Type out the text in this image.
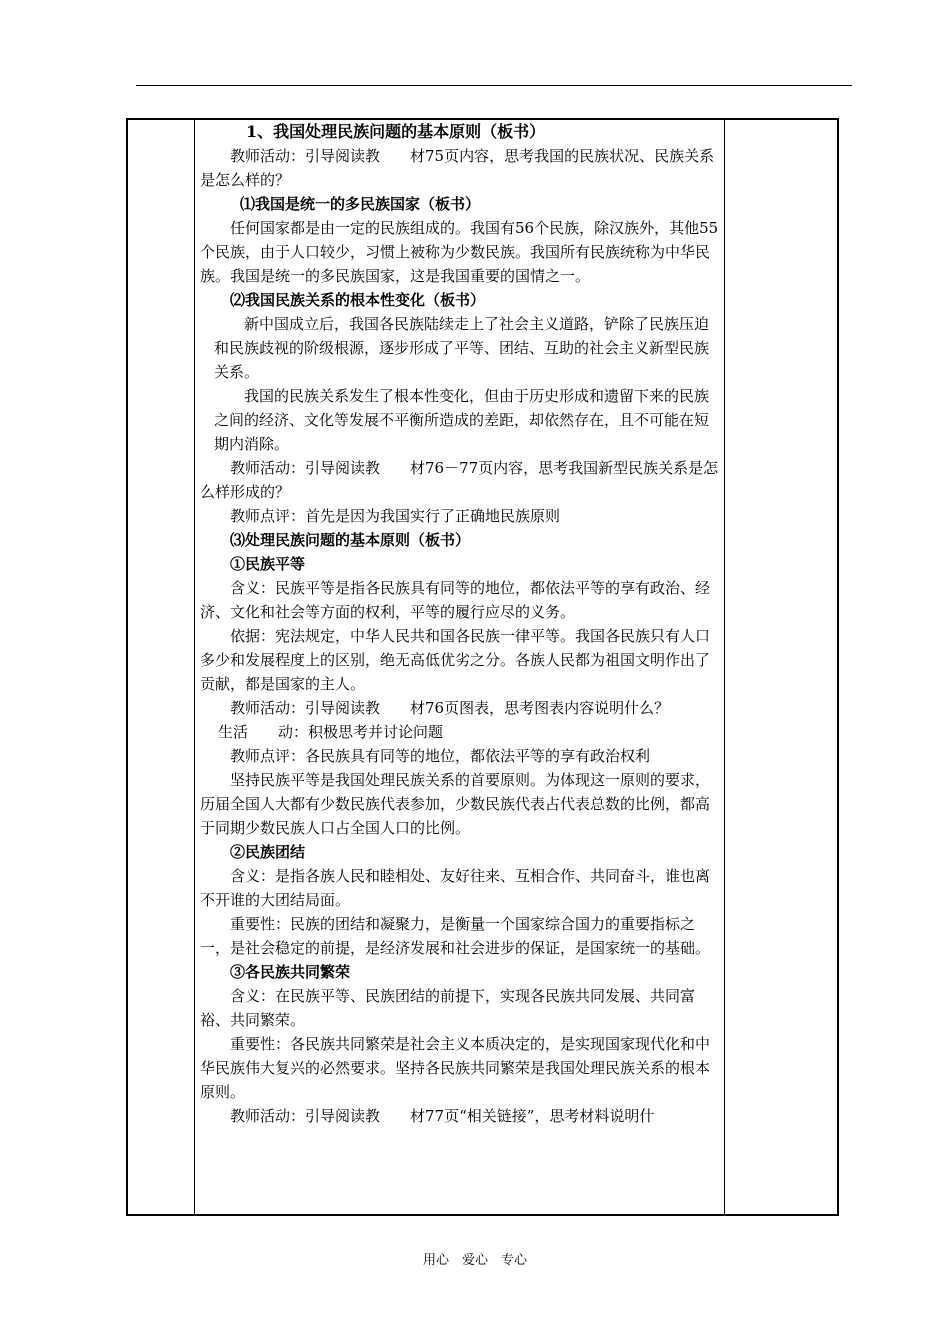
1、我国处理民族问题的基本原则（板书）

教师活动：引导阅读教　　材75页内容，思考我国的民族状况、民族关系是怎么样的？

⑴我国是统一的多民族国家（板书）

任何国家都是由一定的民族组成的。我国有56个民族，除汉族外，其他55个民族，由于人口较少，习惯上被称为少数民族。我国所有民族统称为中华民族。我国是统一的多民族国家，这是我国重要的国情之一。

⑵我国民族关系的根本性变化（板书）

新中国成立后，我国各民族陆续走上了社会主义道路，铲除了民族压迫和民族歧视的阶级根源，逐步形成了平等、团结、互助的社会主义新型民族关系。

我国的民族关系发生了根本性变化，但由于历史形成和遗留下来的民族之间的经济、文化等发展不平衡所造成的差距，却依然存在，且不可能在短期内消除。

教师活动：引导阅读教　　材76－77页内容，思考我国新型民族关系是怎么样形成的？

教师点评：首先是因为我国实行了正确地民族原则

⑶处理民族问题的基本原则（板书）

①民族平等

含义：民族平等是指各民族具有同等的地位，都依法平等的享有政治、经济、文化和社会等方面的权利，平等的履行应尽的义务。

依据：宪法规定，中华人民共和国各民族一律平等。我国各民族只有人口多少和发展程度上的区别，绝无高低优劣之分。各族人民都为祖国文明作出了贡献，都是国家的主人。

教师活动：引导阅读教　　材76页图表，思考图表内容说明什么？

生活　　动：积极思考并讨论问题

教师点评：各民族具有同等的地位，都依法平等的享有政治权利

坚持民族平等是我国处理民族关系的首要原则。为体现这一原则的要求，历届全国人大都有少数民族代表参加，少数民族代表占代表总数的比例，都高于同期少数民族人口占全国人口的比例。

②民族团结

含义：是指各族人民和睦相处、友好往来、互相合作、共同奋斗，谁也离不开谁的大团结局面。

重要性：民族的团结和凝聚力，是衡量一个国家综合国力的重要指标之一，是社会稳定的前提，是经济发展和社会进步的保证，是国家统一的基础。

③各民族共同繁荣

含义：在民族平等、民族团结的前提下，实现各民族共同发展、共同富裕、共同繁荣。

重要性：各民族共同繁荣是社会主义本质决定的，是实现国家现代化和中华民族伟大复兴的必然要求。坚持各民族共同繁荣是我国处理民族关系的根本原则。

教师活动：引导阅读教　　材77页“相关链接”，思考材料说明什

用心　爱心　专心
